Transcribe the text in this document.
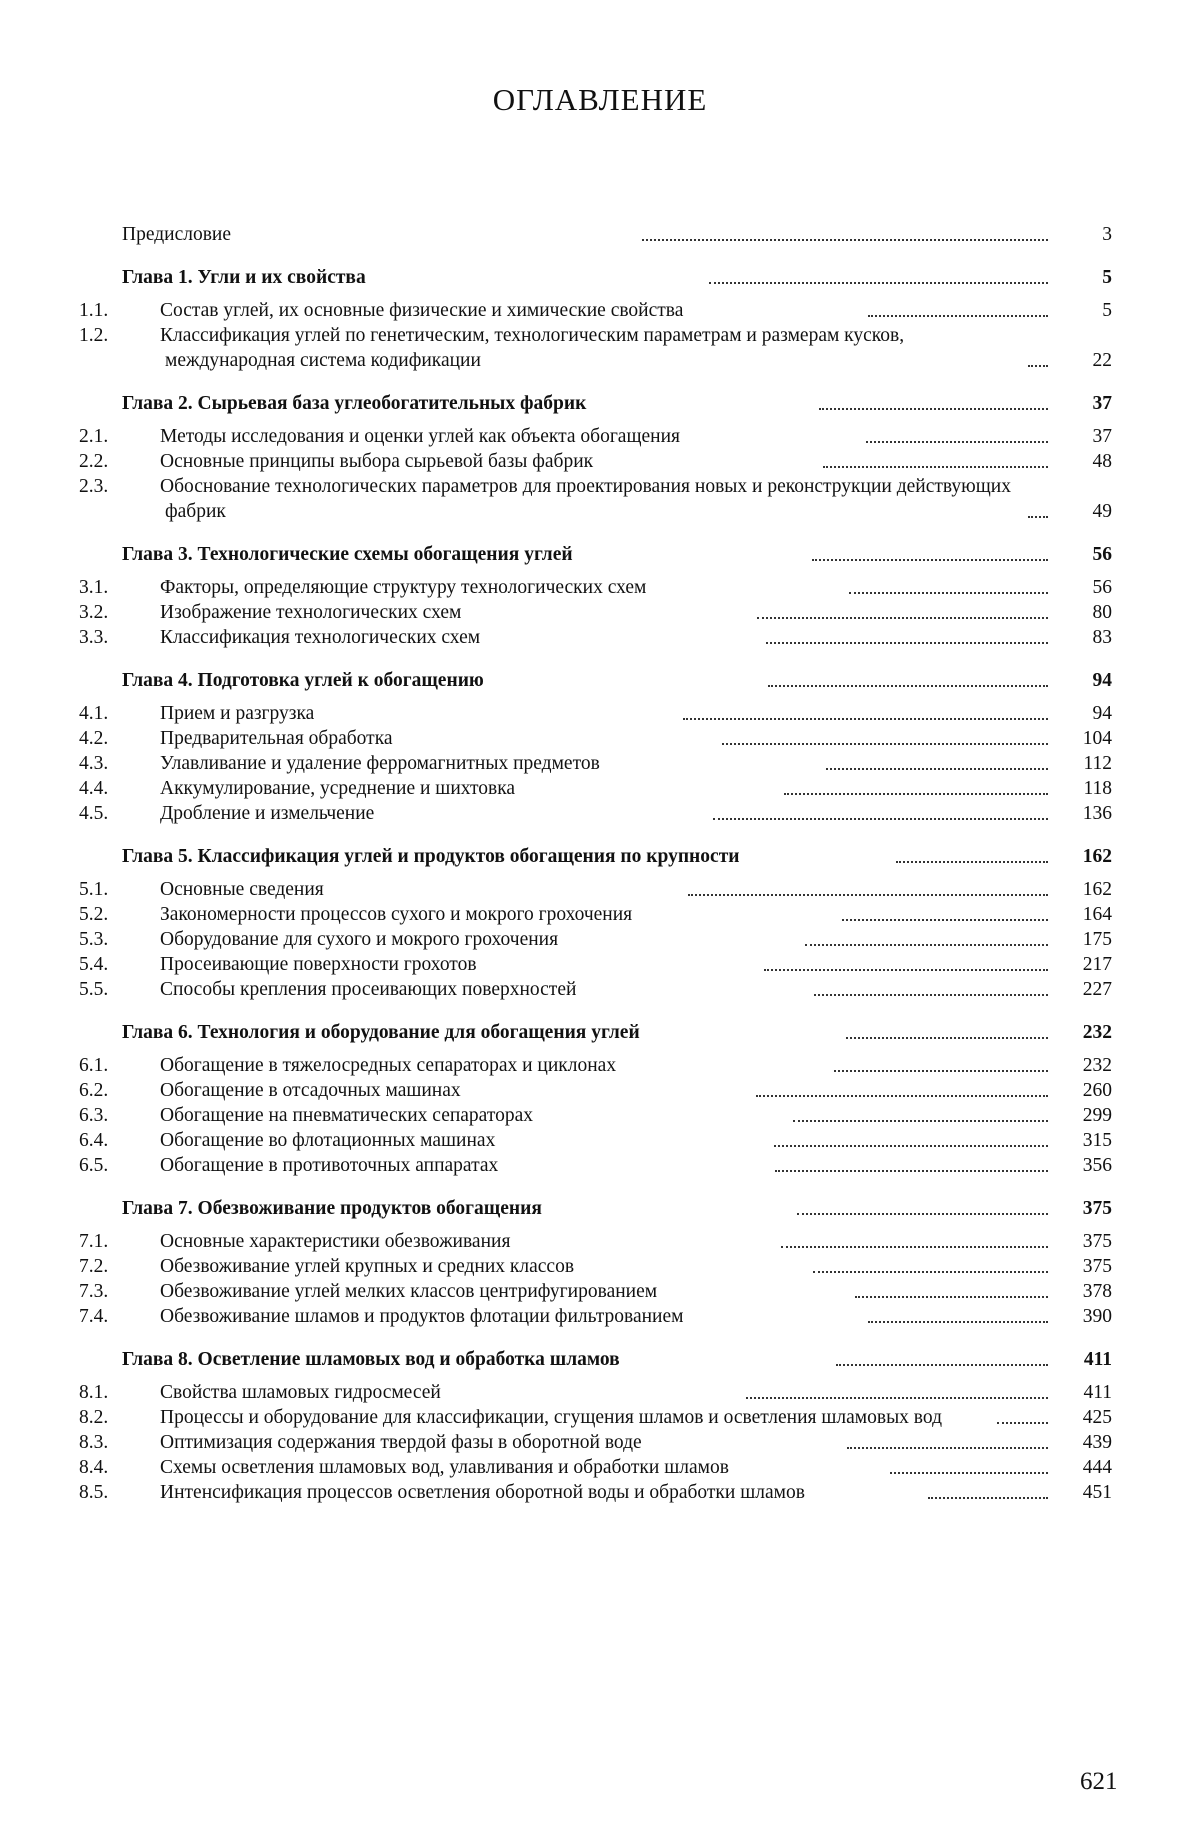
ОГЛАВЛЕНИЕ
Предисловие	3
Глава 1. Угли и их свойства	5
1.1.	Состав углей, их основные физические и химические свойства	5
1.2.	Классификация углей по генетическим, технологическим параметрам и размерам кусков, международная система кодификации	22
Глава 2. Сырьевая база углеобогатительных фабрик	37
2.1.	Методы исследования и оценки углей как объекта обогащения	37
2.2.	Основные принципы выбора сырьевой базы фабрик	48
2.3.	Обоснование технологических параметров для проектирования новых и реконструкции действующих фабрик	49
Глава 3. Технологические схемы обогащения углей	56
3.1.	Факторы, определяющие структуру технологических схем	56
3.2.	Изображение технологических схем	80
3.3.	Классификация технологических схем	83
Глава 4. Подготовка углей к обогащению	94
4.1.	Прием и разгрузка	94
4.2.	Предварительная обработка	104
4.3.	Улавливание и удаление ферромагнитных предметов	112
4.4.	Аккумулирование, усреднение и шихтовка	118
4.5.	Дробление и измельчение	136
Глава 5. Классификация углей и продуктов обогащения по крупности	162
5.1.	Основные сведения	162
5.2.	Закономерности процессов сухого и мокрого грохочения	164
5.3.	Оборудование для сухого и мокрого грохочения	175
5.4.	Просеивающие поверхности грохотов	217
5.5.	Способы крепления просеивающих поверхностей	227
Глава 6. Технология и оборудование для обогащения углей	232
6.1.	Обогащение в тяжелосредных сепараторах и циклонах	232
6.2.	Обогащение в отсадочных машинах	260
6.3.	Обогащение на пневматических сепараторах	299
6.4.	Обогащение во флотационных машинах	315
6.5.	Обогащение в противоточных аппаратах	356
Глава 7. Обезвоживание продуктов обогащения	375
7.1.	Основные характеристики обезвоживания	375
7.2.	Обезвоживание углей крупных и средних классов	375
7.3.	Обезвоживание углей мелких классов центрифугированием	378
7.4.	Обезвоживание шламов и продуктов флотации фильтрованием	390
Глава 8. Осветление шламовых вод и обработка шламов	411
8.1.	Свойства шламовых гидросмесей	411
8.2.	Процессы и оборудование для классификации, сгущения шламов и осветления шламовых вод	425
8.3.	Оптимизация содержания твердой фазы в оборотной воде	439
8.4.	Схемы осветления шламовых вод, улавливания и обработки шламов	444
8.5.	Интенсификация процессов осветления оборотной воды и обработки шламов	451
621
